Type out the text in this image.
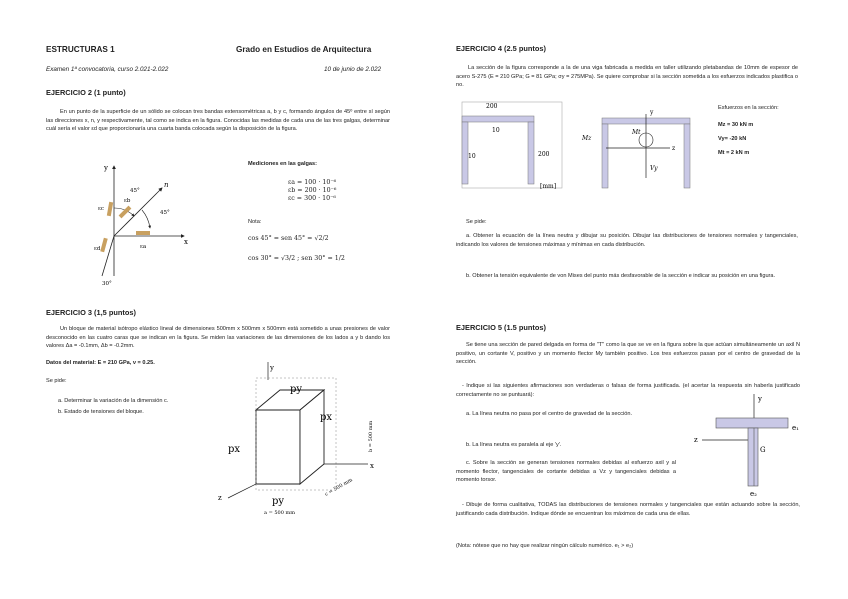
ESTRUCTURAS 1	Grado en Estudios de Arquitectura
Examen 1ª convocatoria, curso 2.021-2.022	10 de junio de 2.022
EJERCICIO 2 (1 punto)
En un punto de la superficie de un sólido se colocan tres bandas extensométricas a, b y c, formando ángulos de 45º entre sí según las direcciones x, n, y respectivamente, tal como se indica en la figura. Conocidas las medidas de cada una de las tres galgas, determinar cuál sería el valor εd que proporcionaría una cuarta banda colocada según la disposición de la figura.
y
x
n
45°
45°
30°
εc
εb
εa
εd
Mediciones en las galgas:
εa = 100 · 10⁻⁶
εb = 200 · 10⁻⁶
εc = 300 · 10⁻⁶
Nota:
cos 45° = sen 45° = √2/2
cos 30° = √3/2 ; sen 30° = 1/2
EJERCICIO 3 (1,5 puntos)
Un bloque de material isótropo elástico lineal de dimensiones 500mm x 500mm x 500mm está sometido a unas presiones de valor desconocido en las cuatro caras que se indican en la figura. Se miden las variaciones de las dimensiones de los lados a y b dando los valores Δa = -0.1mm, Δb = -0.2mm.
Datos del material: E = 210 GPa, ν = 0.25.
Se pide:
a. Determinar la variación de la dimensión c.
b. Estado de tensiones del bloque.
y
x
z
py
px
px
py
b = 500 mm
c = 500 mm
a = 500 mm
EJERCICIO 4 (2.5 puntos)
La sección de la figura corresponde a la de una viga fabricada a medida en taller utilizando pletabandas de 10mm de espesor de acero S-275 (E = 210 GPa; G = 81 GPa; σy = 275MPa). Se quiere comprobar si la sección sometida a los esfuerzos indicados plastifica o no.
200
10
10	200
[mm]
Mz
Mt
Vy
y
z
Esfuerzos en la sección:
Mz = 30 kN m
Vy= -20 kN
Mt = 2 kN m
Se pide:
a. Obtener la ecuación de la línea neutra y dibujar su posición. Dibujar las distribuciones de tensiones normales y tangenciales, indicando los valores de tensiones máximas y mínimas en cada distribución.
b. Obtener la tensión equivalente de von Mises del punto más desfavorable de la sección e indicar su posición en una figura.
EJERCICIO 5 (1.5 puntos)
Se tiene una sección de pared delgada en forma de "T" como la que se ve en la figura sobre la que actúan simultáneamente un axil N positivo, un cortante V, positivo y un momento flector My también positivo. Los tres esfuerzos pasan por el centro de gravedad de la sección.
- Indique si las siguientes afirmaciones son verdaderas o falsas de forma justificada. (el acertar la respuesta sin haberla justificado correctamente no se puntuará):
a. La línea neutra no pasa por el centro de gravedad de la sección.
b. La línea neutra es paralela al eje 'y'.
c. Sobre la sección se generan tensiones normales debidas al esfuerzo axil y al momento flector, tangenciales de cortante debidas a Vz y tangenciales debidas a momento torsor.
y
z
G
e₁
e₂
- Dibuje de forma cualitativa, TODAS las distribuciones de tensiones normales y tangenciales que están actuando sobre la sección, justificando cada distribución. Indique dónde se encuentran los máximos de cada una de ellas.
(Nota: nótese que no hay que realizar ningún cálculo numérico. e₁ > e₂)
